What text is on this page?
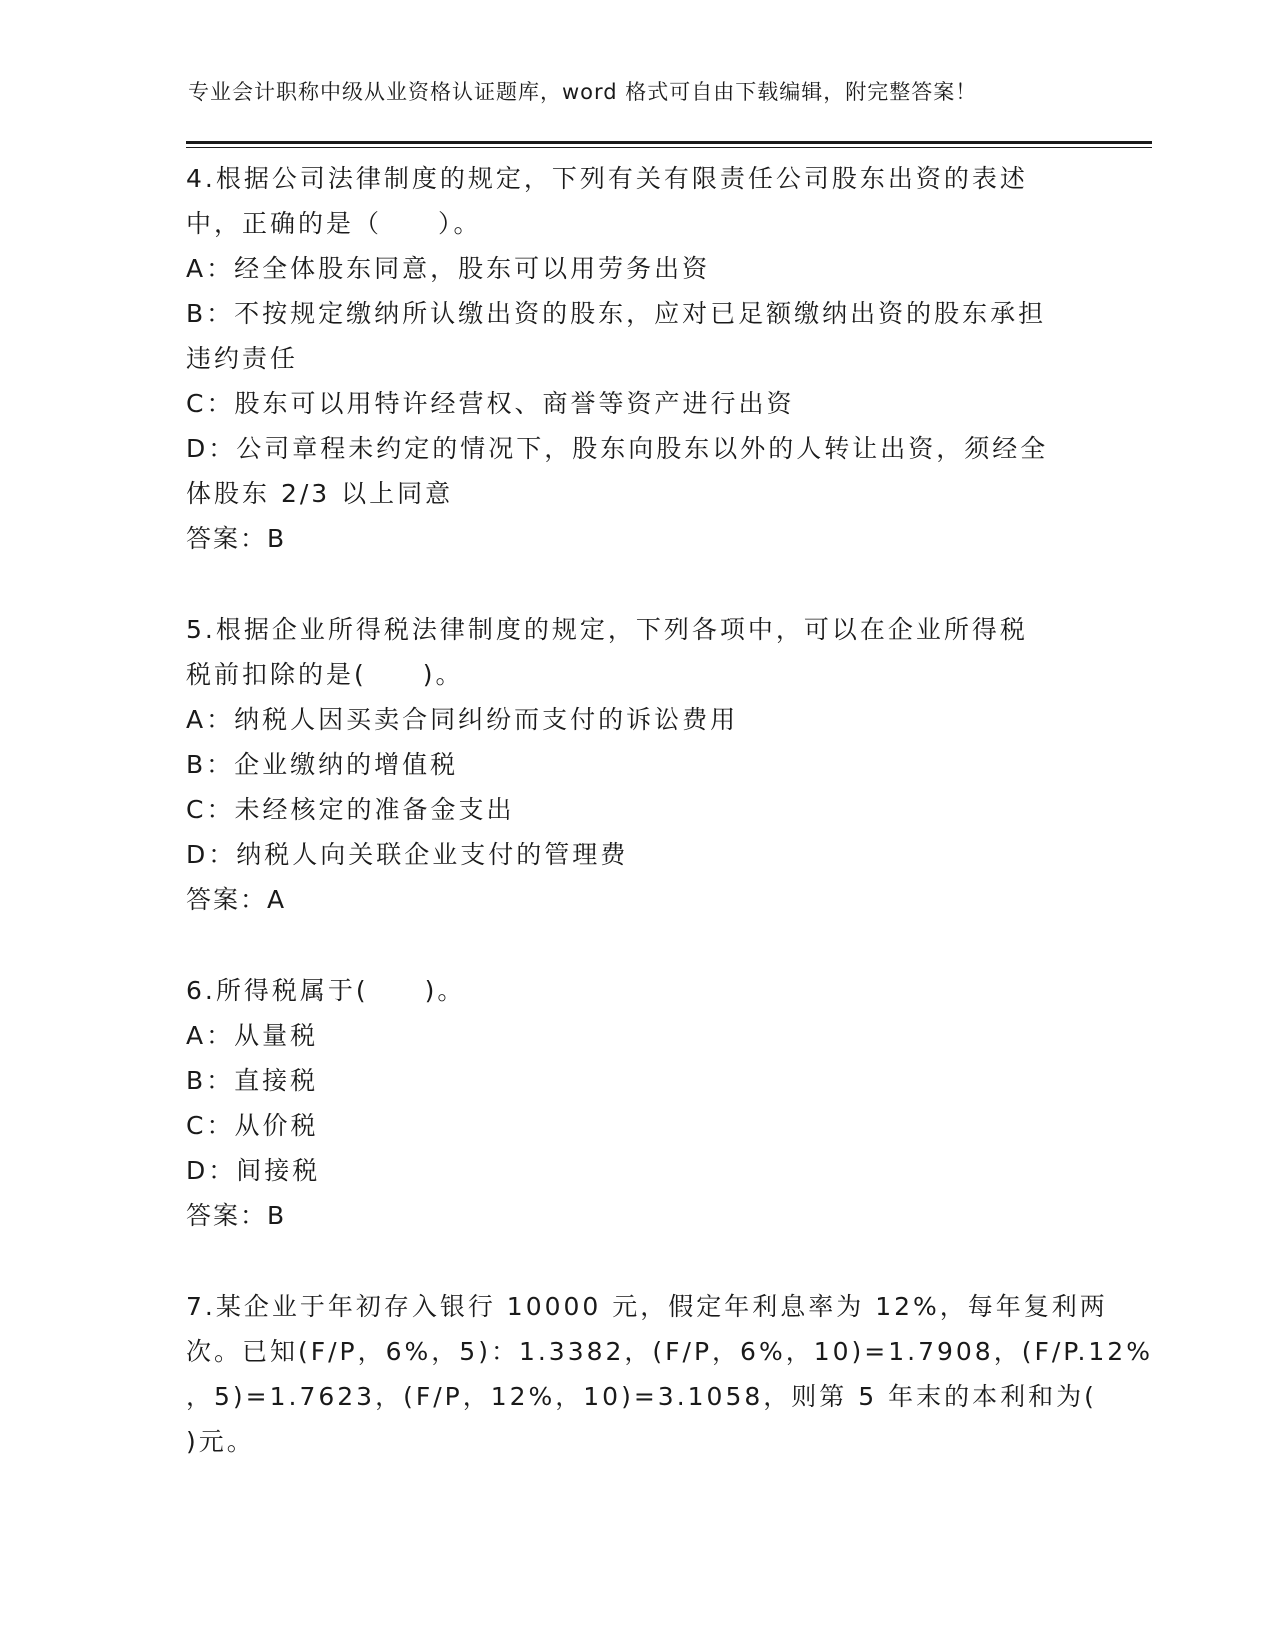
专业会计职称中级从业资格认证题库，word 格式可自由下载编辑，附完整答案！
4.根据公司法律制度的规定，下列有关有限责任公司股东出资的表述
中，正确的是（　　）。
A：经全体股东同意，股东可以用劳务出资
B：不按规定缴纳所认缴出资的股东，应对已足额缴纳出资的股东承担
违约责任
C：股东可以用特许经营权、商誉等资产进行出资
D：公司章程未约定的情况下，股东向股东以外的人转让出资，须经全
体股东 2/3 以上同意
答案：B
5.根据企业所得税法律制度的规定，下列各项中，可以在企业所得税
税前扣除的是(　　)。
A：纳税人因买卖合同纠纷而支付的诉讼费用
B：企业缴纳的增值税
C：未经核定的准备金支出
D：纳税人向关联企业支付的管理费
答案：A
6.所得税属于(　　)。
A：从量税
B：直接税
C：从价税
D：间接税
答案：B
7.某企业于年初存入银行 10000 元，假定年利息率为 12%，每年复利两
次。已知(F/P，6%，5)：1.3382，(F/P，6%，10)=1.7908，(F/P.12%
，5)=1.7623，(F/P，12%，10)=3.1058，则第 5 年末的本利和为(
)元。
